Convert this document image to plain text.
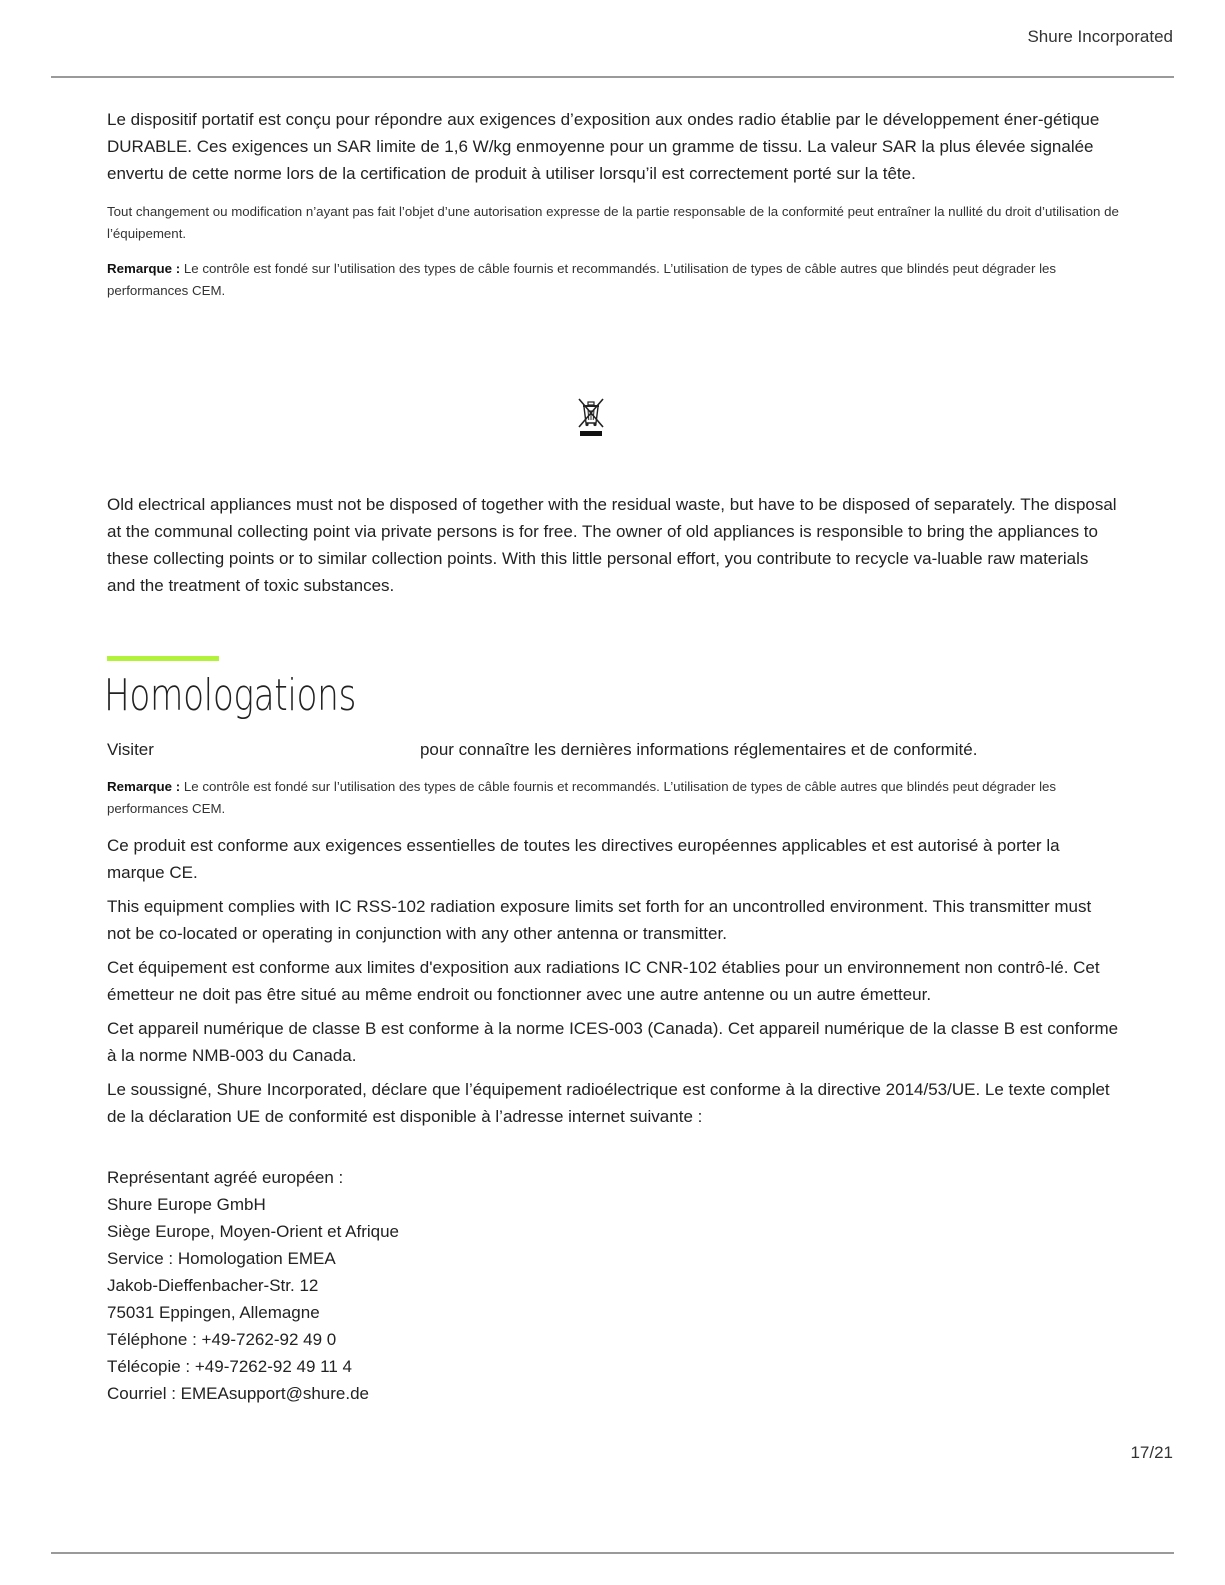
Shure Incorporated

Le dispositif portatif est conçu pour répondre aux exigences d’exposition aux ondes radio établie par le développement éner-gétique DURABLE. Ces exigences un SAR limite de 1,6 W/kg enmoyenne pour un gramme de tissu. La valeur SAR la plus élevée signalée envertu de cette norme lors de la certification de produit à utiliser lorsqu’il est correctement porté sur la tête.

Tout changement ou modification n’ayant pas fait l’objet d’une autorisation expresse de la partie responsable de la conformité peut entraîner la nullité du droit d’utilisation de l’équipement.

Remarque : Le contrôle est fondé sur l’utilisation des types de câble fournis et recommandés. L’utilisation de types de câble autres que blindés peut dégrader les performances CEM.

Old electrical appliances must not be disposed of together with the residual waste, but have to be disposed of separately. The disposal at the communal collecting point via private persons is for free. The owner of old appliances is responsible to bring the appliances to these collecting points or to similar collection points. With this little personal effort, you contribute to recycle va-luable raw materials and the treatment of toxic substances.

Homologations
Visiter	pour connaître les dernières informations réglementaires et de conformité.

Remarque : Le contrôle est fondé sur l’utilisation des types de câble fournis et recommandés. L’utilisation de types de câble autres que blindés peut dégrader les performances CEM.

Ce produit est conforme aux exigences essentielles de toutes les directives européennes applicables et est autorisé à porter la marque CE.

This equipment complies with IC RSS-102 radiation exposure limits set forth for an uncontrolled environment. This transmitter must not be co-located or operating in conjunction with any other antenna or transmitter.

Cet équipement est conforme aux limites d'exposition aux radiations IC CNR-102 établies pour un environnement non contrô-lé. Cet émetteur ne doit pas être situé au même endroit ou fonctionner avec une autre antenne ou un autre émetteur.

Cet appareil numérique de classe B est conforme à la norme ICES-003 (Canada). Cet appareil numérique de la classe B est conforme à la norme NMB-003 du Canada.

Le soussigné, Shure Incorporated, déclare que l’équipement radioélectrique est conforme à la directive 2014/53/UE. Le texte complet de la déclaration UE de conformité est disponible à l’adresse internet suivante :

Représentant agréé européen :

Shure Europe GmbH

Siège Europe, Moyen-Orient et Afrique

Service : Homologation EMEA

Jakob-Dieffenbacher-Str. 12

75031 Eppingen, Allemagne

Téléphone : +49-7262-92 49 0

Télécopie : +49-7262-92 49 11 4

Courriel : EMEAsupport@shure.de

17/21
